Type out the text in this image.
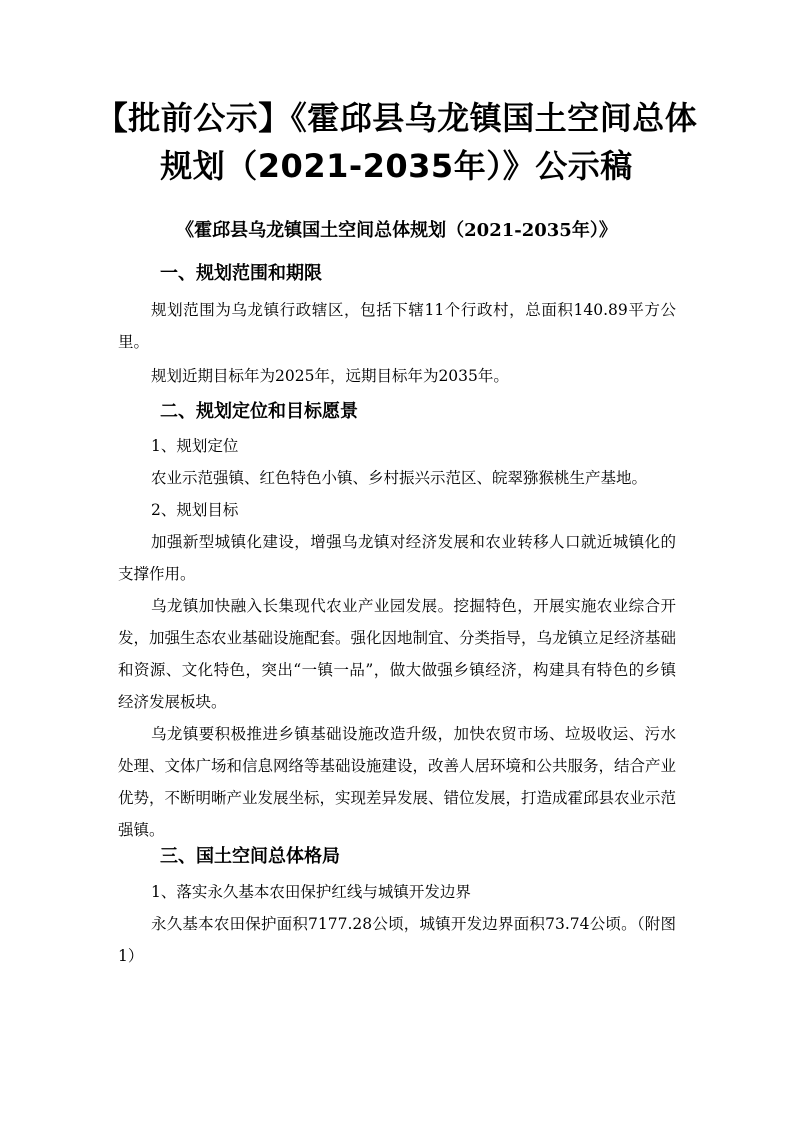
【批前公示】《霍邱县乌龙镇国土空间总体
规划（2021-2035年）》公示稿
《霍邱县乌龙镇国土空间总体规划（2021-2035年）》
一、规划范围和期限
规划范围为乌龙镇行政辖区，包括下辖11个行政村，总面积140.89平方公里。
规划近期目标年为2025年，远期目标年为2035年。
二、规划定位和目标愿景
1、规划定位
农业示范强镇、红色特色小镇、乡村振兴示范区、皖翠猕猴桃生产基地。
2、规划目标
加强新型城镇化建设，增强乌龙镇对经济发展和农业转移人口就近城镇化的支撑作用。
乌龙镇加快融入长集现代农业产业园发展。挖掘特色，开展实施农业综合开发，加强生态农业基础设施配套。强化因地制宜、分类指导，乌龙镇立足经济基础和资源、文化特色，突出“一镇一品”，做大做强乡镇经济，构建具有特色的乡镇经济发展板块。
乌龙镇要积极推进乡镇基础设施改造升级，加快农贸市场、垃圾收运、污水处理、文体广场和信息网络等基础设施建设，改善人居环境和公共服务，结合产业优势，不断明晰产业发展坐标，实现差异发展、错位发展，打造成霍邱县农业示范强镇。
三、国土空间总体格局
1、落实永久基本农田保护红线与城镇开发边界
永久基本农田保护面积7177.28公顷，城镇开发边界面积73.74公顷。（附图1）
